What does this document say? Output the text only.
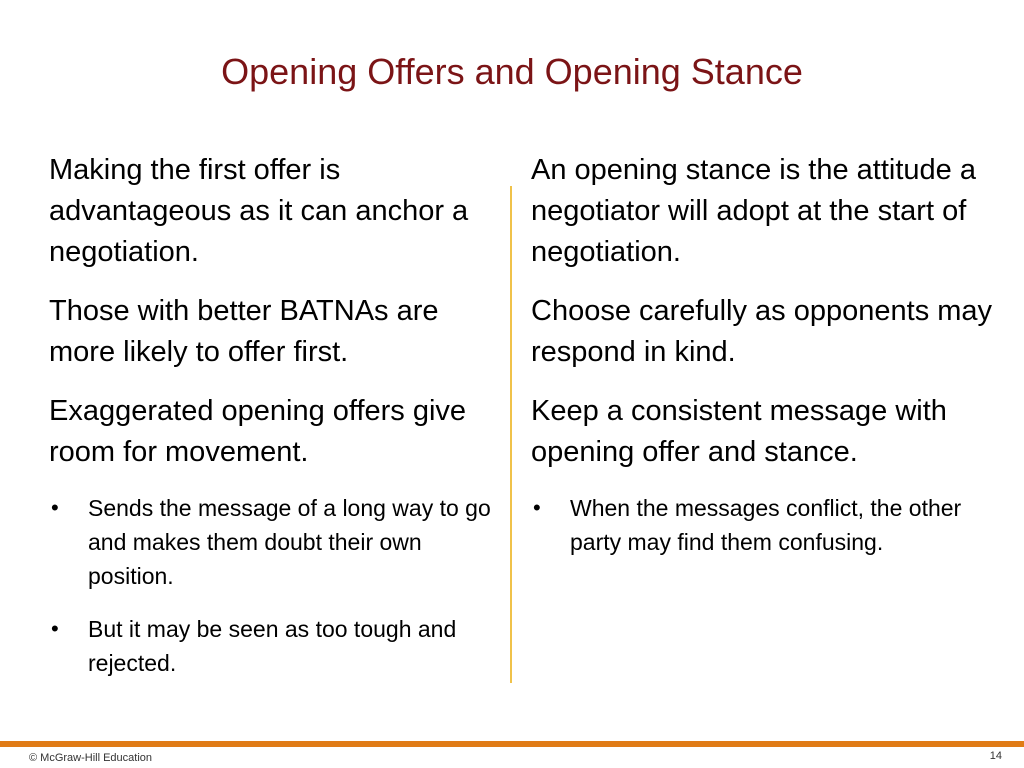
Opening Offers and Opening Stance

Making the first offer is advantageous as it can anchor a negotiation.

Those with better BATNAs are more likely to offer first.

Exaggerated opening offers give room for movement.

• Sends the message of a long way to go and makes them doubt their own position.
• But it may be seen as too tough and rejected.

An opening stance is the attitude a negotiator will adopt at the start of negotiation.

Choose carefully as opponents may respond in kind.

Keep a consistent message with opening offer and stance.

• When the messages conflict, the other party may find them confusing.
© McGraw-Hill Education	14
